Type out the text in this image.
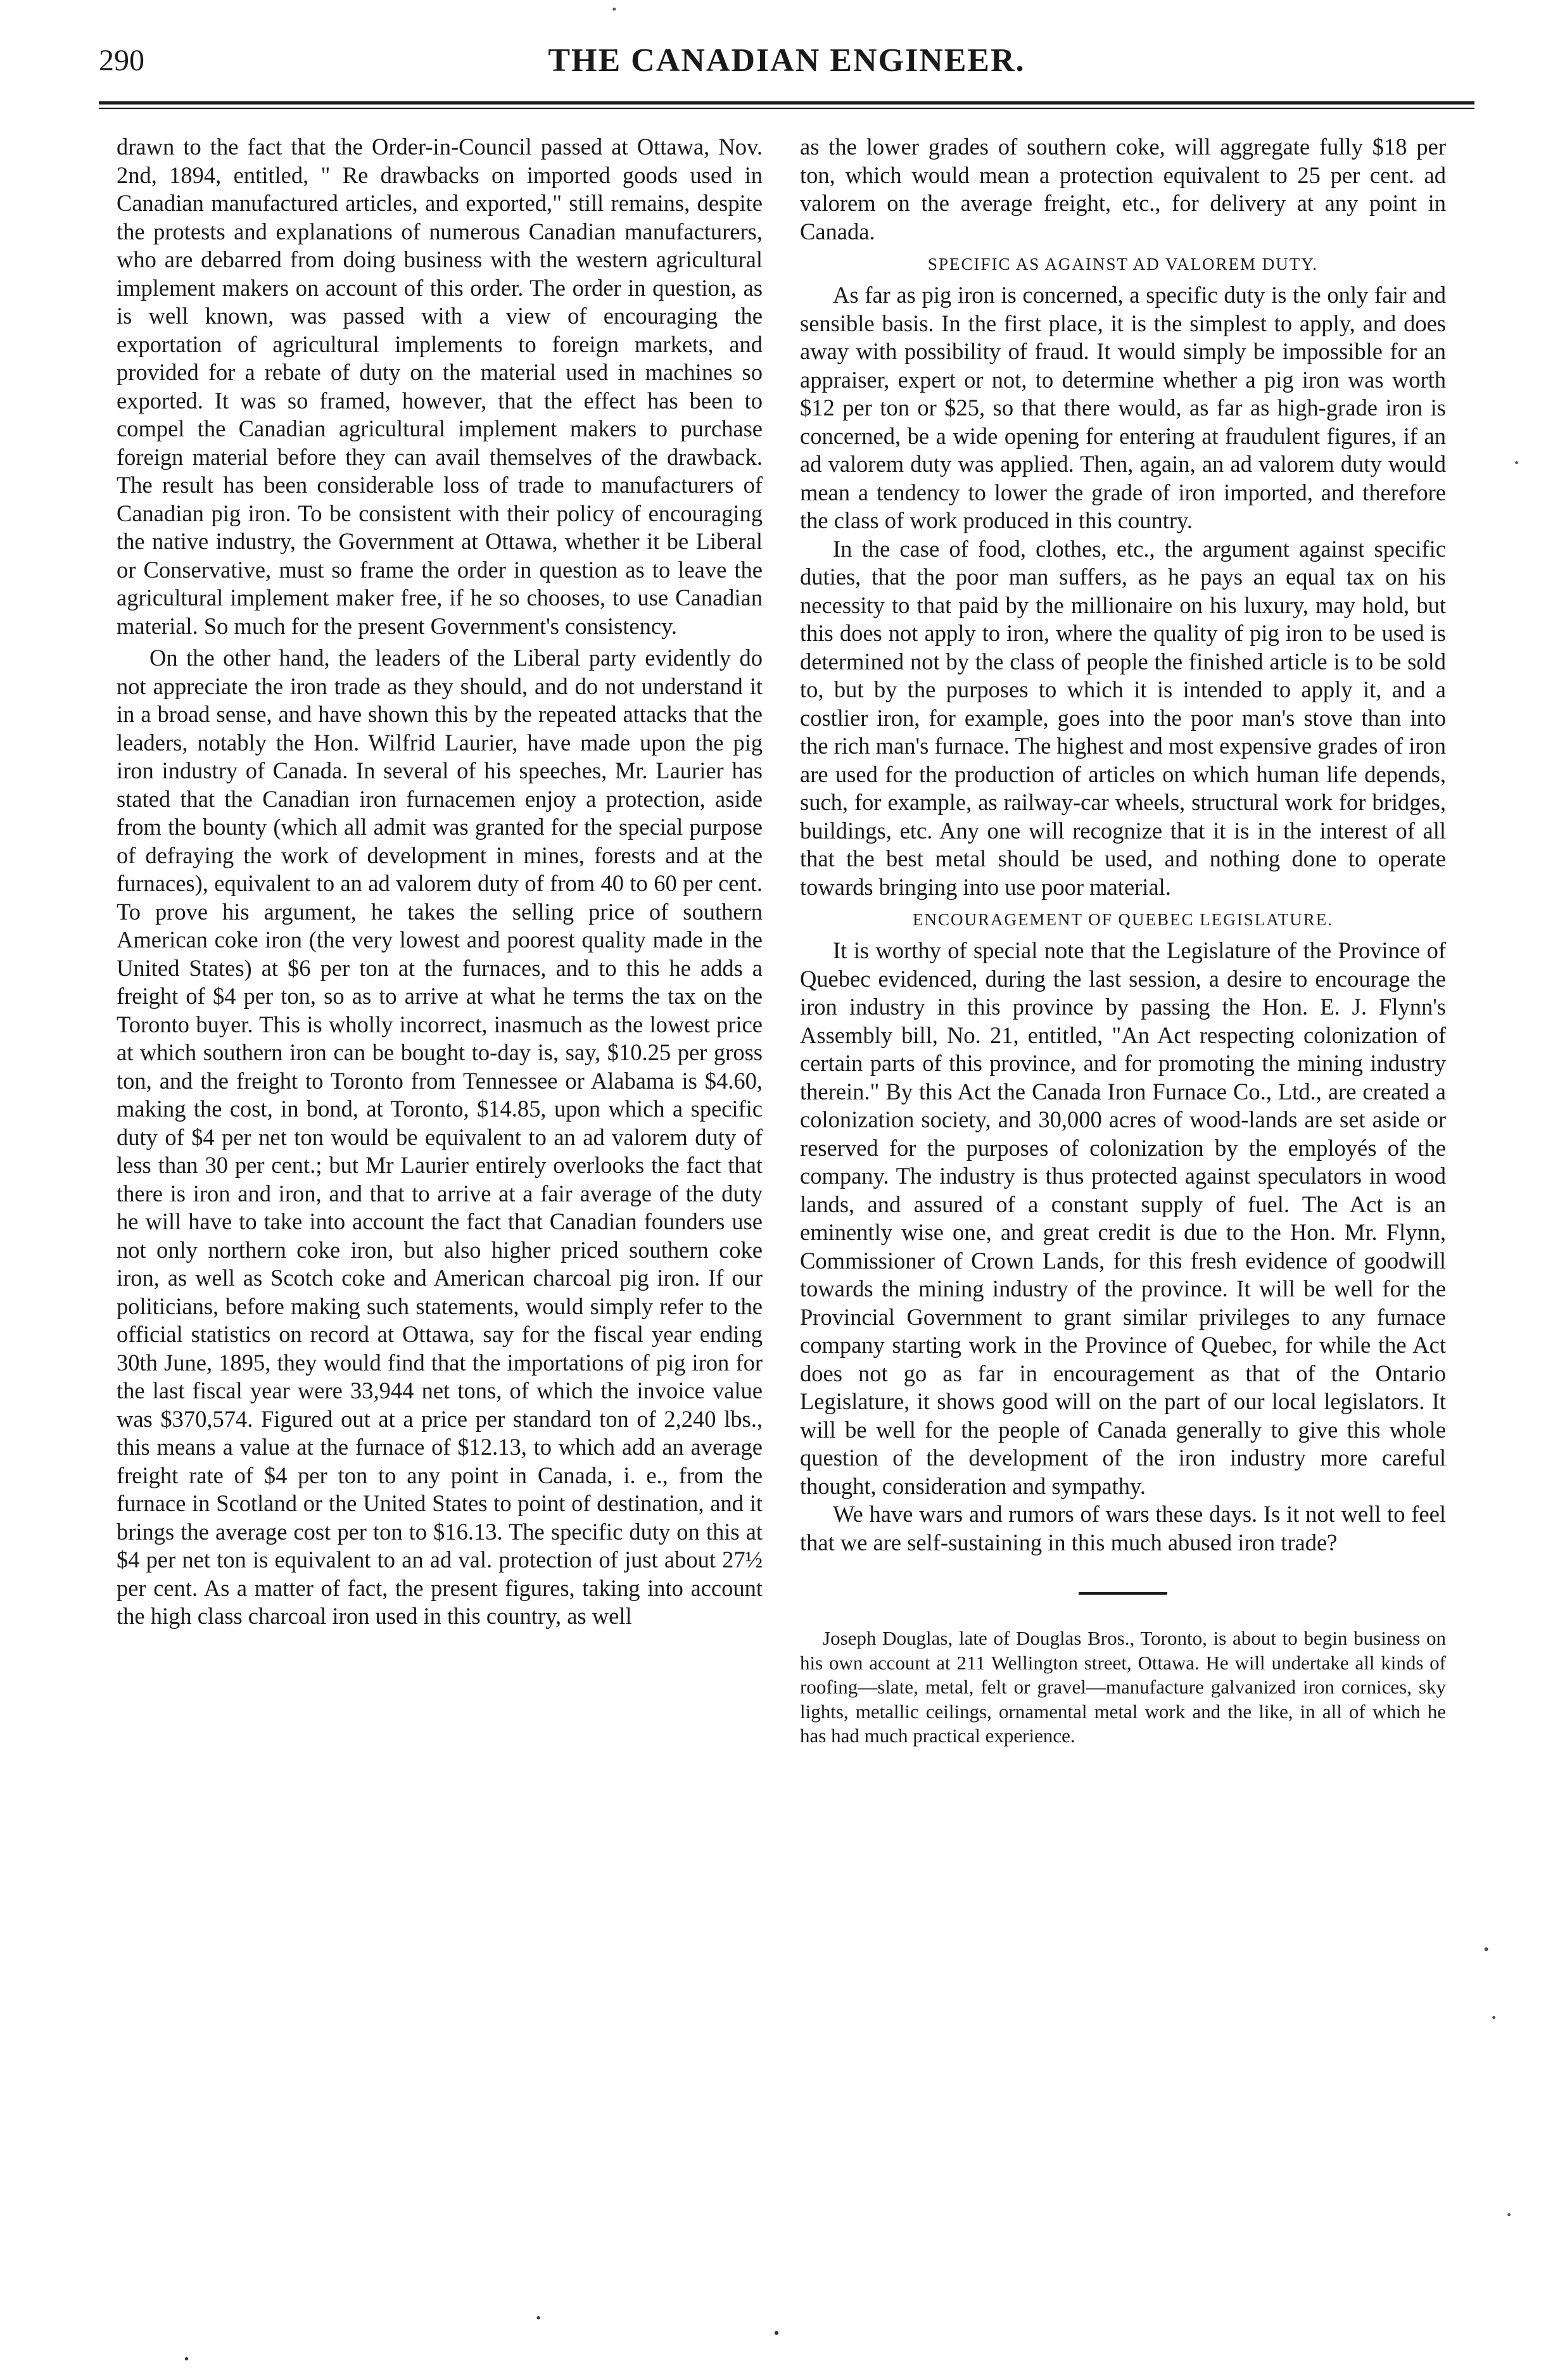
290	THE CANADIAN ENGINEER.

drawn to the fact that the Order-in-Council passed at Ottawa, Nov. 2nd, 1894, entitled, " Re drawbacks on imported goods used in Canadian manufactured articles, and exported," still remains, despite the protests and explanations of numerous Canadian manufacturers, who are debarred from doing business with the western agricultural implement makers on account of this order. The order in question, as is well known, was passed with a view of encouraging the exportation of agricultural implements to foreign markets, and provided for a rebate of duty on the material used in machines so exported. It was so framed, however, that the effect has been to compel the Canadian agricultural implement makers to purchase foreign material before they can avail themselves of the drawback. The result has been considerable loss of trade to manufacturers of Canadian pig iron. To be consistent with their policy of encouraging the native industry, the Government at Ottawa, whether it be Liberal or Conservative, must so frame the order in question as to leave the agricultural implement maker free, if he so chooses, to use Canadian material. So much for the present Government's consistency.

On the other hand, the leaders of the Liberal party evidently do not appreciate the iron trade as they should, and do not understand it in a broad sense, and have shown this by the repeated attacks that the leaders, notably the Hon. Wilfrid Laurier, have made upon the pig iron industry of Canada. In several of his speeches, Mr. Laurier has stated that the Canadian iron furnacemen enjoy a protection, aside from the bounty (which all admit was granted for the special purpose of defraying the work of development in mines, forests and at the furnaces), equivalent to an ad valorem duty of from 40 to 60 per cent. To prove his argument, he takes the selling price of southern American coke iron (the very lowest and poorest quality made in the United States) at $6 per ton at the furnaces, and to this he adds a freight of $4 per ton, so as to arrive at what he terms the tax on the Toronto buyer. This is wholly incorrect, inasmuch as the lowest price at which southern iron can be bought to-day is, say, $10.25 per gross ton, and the freight to Toronto from Tennessee or Alabama is $4.60, making the cost, in bond, at Toronto, $14.85, upon which a specific duty of $4 per net ton would be equivalent to an ad valorem duty of less than 30 per cent.; but Mr Laurier entirely overlooks the fact that there is iron and iron, and that to arrive at a fair average of the duty he will have to take into account the fact that Canadian founders use not only northern coke iron, but also higher priced southern coke iron, as well as Scotch coke and American charcoal pig iron. If our politicians, before making such statements, would simply refer to the official statistics on record at Ottawa, say for the fiscal year ending 30th June, 1895, they would find that the importations of pig iron for the last fiscal year were 33,944 net tons, of which the invoice value was $370,574. Figured out at a price per standard ton of 2,240 lbs., this means a value at the furnace of $12.13, to which add an average freight rate of $4 per ton to any point in Canada, i. e., from the furnace in Scotland or the United States to point of destination, and it brings the average cost per ton to $16.13. The specific duty on this at $4 per net ton is equivalent to an ad val. protection of just about 27½ per cent. As a matter of fact, the present figures, taking into account the high class charcoal iron used in this country, as well

as the lower grades of southern coke, will aggregate fully $18 per ton, which would mean a protection equivalent to 25 per cent. ad valorem on the average freight, etc., for delivery at any point in Canada.

SPECIFIC AS AGAINST AD VALOREM DUTY.

As far as pig iron is concerned, a specific duty is the only fair and sensible basis. In the first place, it is the simplest to apply, and does away with possibility of fraud. It would simply be impossible for an appraiser, expert or not, to determine whether a pig iron was worth $12 per ton or $25, so that there would, as far as high-grade iron is concerned, be a wide opening for entering at fraudulent figures, if an ad valorem duty was applied. Then, again, an ad valorem duty would mean a tendency to lower the grade of iron imported, and therefore the class of work produced in this country.

In the case of food, clothes, etc., the argument against specific duties, that the poor man suffers, as he pays an equal tax on his necessity to that paid by the millionaire on his luxury, may hold, but this does not apply to iron, where the quality of pig iron to be used is determined not by the class of people the finished article is to be sold to, but by the purposes to which it is intended to apply it, and a costlier iron, for example, goes into the poor man's stove than into the rich man's furnace. The highest and most expensive grades of iron are used for the production of articles on which human life depends, such, for example, as railway-car wheels, structural work for bridges, buildings, etc. Any one will recognize that it is in the interest of all that the best metal should be used, and nothing done to operate towards bringing into use poor material.

ENCOURAGEMENT OF QUEBEC LEGISLATURE.

It is worthy of special note that the Legislature of the Province of Quebec evidenced, during the last session, a desire to encourage the iron industry in this province by passing the Hon. E. J. Flynn's Assembly bill, No. 21, entitled, "An Act respecting colonization of certain parts of this province, and for promoting the mining industry therein." By this Act the Canada Iron Furnace Co., Ltd., are created a colonization society, and 30,000 acres of wood-lands are set aside or reserved for the purposes of colonization by the employés of the company. The industry is thus protected against speculators in wood lands, and assured of a constant supply of fuel. The Act is an eminently wise one, and great credit is due to the Hon. Mr. Flynn, Commissioner of Crown Lands, for this fresh evidence of goodwill towards the mining industry of the province. It will be well for the Provincial Government to grant similar privileges to any furnace company starting work in the Province of Quebec, for while the Act does not go as far in encouragement as that of the Ontario Legislature, it shows good will on the part of our local legislators. It will be well for the people of Canada generally to give this whole question of the development of the iron industry more careful thought, consideration and sympathy.

We have wars and rumors of wars these days. Is it not well to feel that we are self-sustaining in this much abused iron trade?

Joseph Douglas, late of Douglas Bros., Toronto, is about to begin business on his own account at 211 Wellington street, Ottawa. He will undertake all kinds of roofing—slate, metal, felt or gravel—manufacture galvanized iron cornices, sky lights, metallic ceilings, ornamental metal work and the like, in all of which he has had much practical experience.
